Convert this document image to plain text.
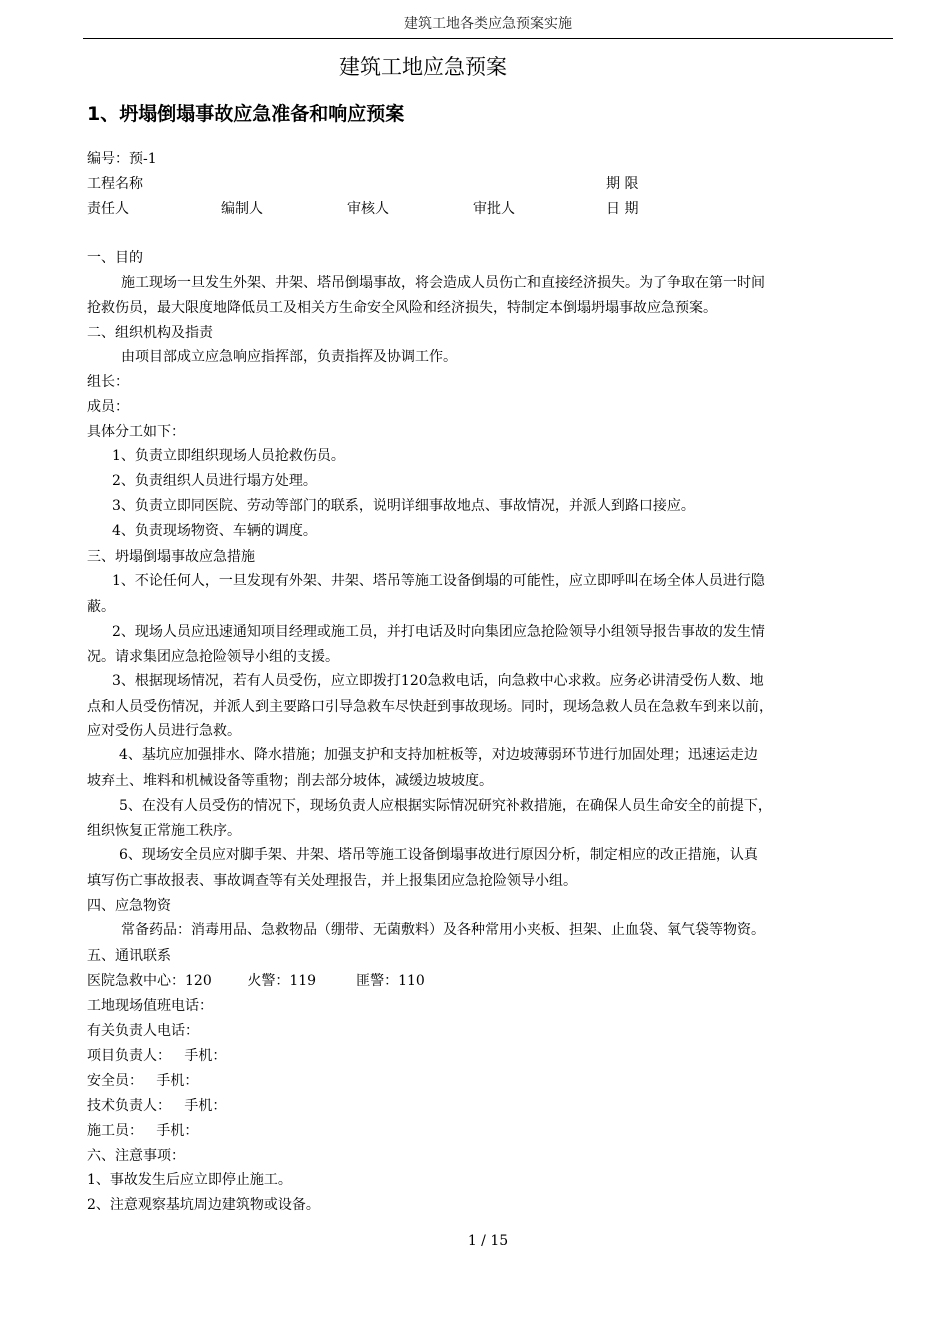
建筑工地各类应急预案实施
建筑工地应急预案
1、坍塌倒塌事故应急准备和响应预案
编号：预-1
工程名称	期 限
责任人	编制人	审核人	审批人	日 期
一、目的
施工现场一旦发生外架、井架、塔吊倒塌事故，将会造成人员伤亡和直接经济损失。为了争取在第一时间
抢救伤员，最大限度地降低员工及相关方生命安全风险和经济损失，特制定本倒塌坍塌事故应急预案。
二、组织机构及指责
由项目部成立应急响应指挥部，负责指挥及协调工作。
组长：
成员：
具体分工如下：
1、负责立即组织现场人员抢救伤员。
2、负责组织人员进行塌方处理。
3、负责立即同医院、劳动等部门的联系，说明详细事故地点、事故情况，并派人到路口接应。
4、负责现场物资、车辆的调度。
三、坍塌倒塌事故应急措施
1、不论任何人，一旦发现有外架、井架、塔吊等施工设备倒塌的可能性，应立即呼叫在场全体人员进行隐
蔽。
2、现场人员应迅速通知项目经理或施工员，并打电话及时向集团应急抢险领导小组领导报告事故的发生情
况。请求集团应急抢险领导小组的支援。
3、根据现场情况，若有人员受伤，应立即拨打120急救电话，向急救中心求救。应务必讲清受伤人数、地
点和人员受伤情况，并派人到主要路口引导急救车尽快赶到事故现场。同时，现场急救人员在急救车到来以前，
应对受伤人员进行急救。
4、基坑应加强排水、降水措施；加强支护和支持加桩板等，对边坡薄弱环节进行加固处理；迅速运走边
坡弃土、堆料和机械设备等重物；削去部分坡体，减缓边坡坡度。
5、在没有人员受伤的情况下，现场负责人应根据实际情况研究补救措施，在确保人员生命安全的前提下，
组织恢复正常施工秩序。
6、现场安全员应对脚手架、井架、塔吊等施工设备倒塌事故进行原因分析，制定相应的改正措施，认真
填写伤亡事故报表、事故调查等有关处理报告，并上报集团应急抢险领导小组。
四、应急物资
常备药品：消毒用品、急救物品（绷带、无菌敷料）及各种常用小夹板、担架、止血袋、氧气袋等物资。
五、通讯联系
医院急救中心：120        火警：119         匪警：110
工地现场值班电话：
有关负责人电话：
项目负责人：   手机：
安全员：   手机：
技术负责人：   手机：
施工员：   手机：
六、注意事项：
1、事故发生后应立即停止施工。
2、注意观察基坑周边建筑物或设备。
1 / 15
